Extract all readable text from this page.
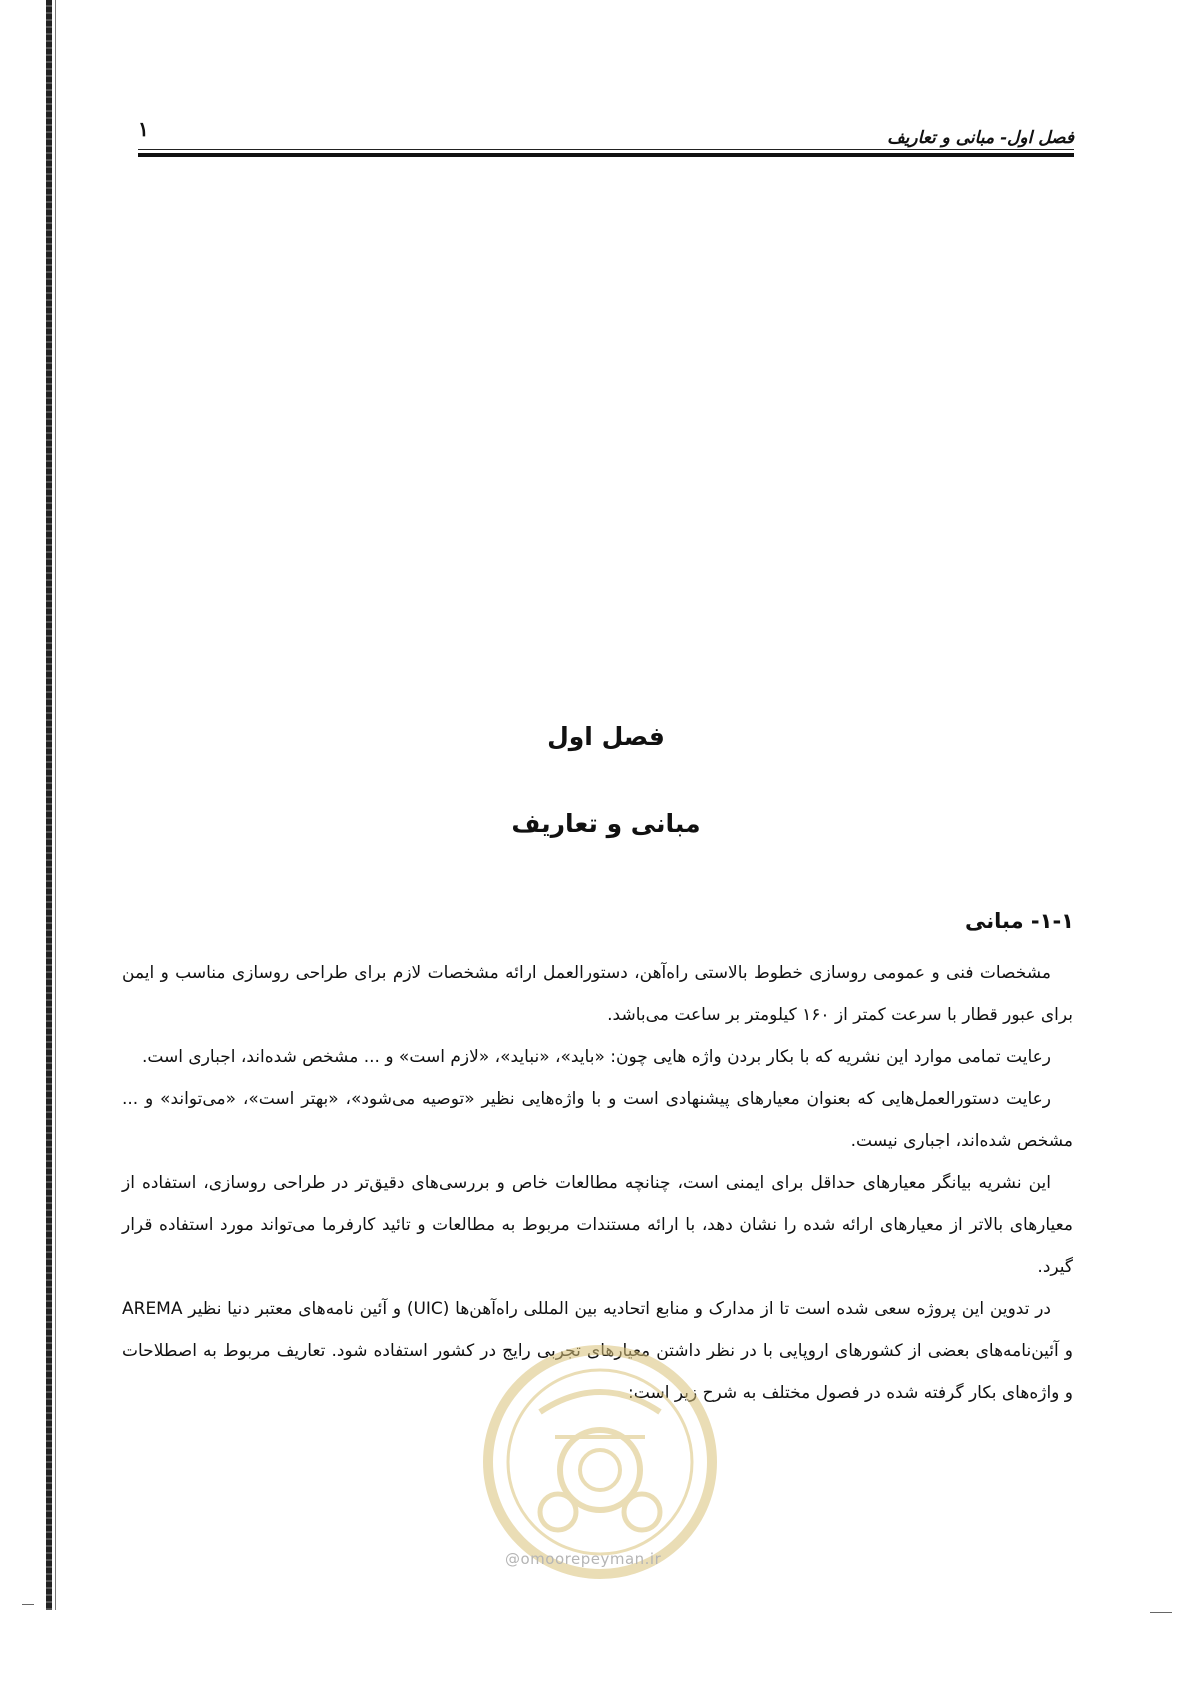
فصل اول- مبانی و تعاریف
۱
فصل اول
مبانی و تعاریف
۱-۱- مبانی

مشخصات فنی و عمومی روسازی خطوط بالاستی راه‌آهن، دستورالعمل ارائه مشخصات لازم برای طراحی روسازی مناسب و ایمن برای عبور قطار با سرعت کمتر از ۱۶۰ کیلومتر بر ساعت می‌باشد.

رعایت تمامی موارد این نشریه که با بکار بردن واژه هایی چون: «باید»، «نباید»، «لازم است» و ... مشخص شده‌اند، اجباری است.

رعایت دستورالعمل‌هایی که بعنوان معیارهای پیشنهادی است و با واژه‌هایی نظیر «توصیه می‌شود»، «بهتر است»، «می‌تواند» و ... مشخص شده‌اند، اجباری نیست.

این نشریه بیانگر معیارهای حداقل برای ایمنی است، چنانچه مطالعات خاص و بررسی‌های دقیق‌تر در طراحی روسازی، استفاده از معیارهای بالاتر از معیارهای ارائه شده را نشان دهد، با ارائه مستندات مربوط به مطالعات و تائید کارفرما می‌تواند مورد استفاده قرار گیرد.

در تدوین این پروژه سعی شده است تا از مدارک و منابع اتحادیه بین المللی راه‌آهن‌ها (UIC) و آئین نامه‌های معتبر دنیا نظیر AREMA و آئین‌نامه‌های بعضی از کشورهای اروپایی با در نظر داشتن معیارهای تجربی رایج در کشور استفاده شود. تعاریف مربوط به اصطلاحات و واژه‌های بکار گرفته شده در فصول مختلف به شرح زیر است:

@omoorepeyman.ir
